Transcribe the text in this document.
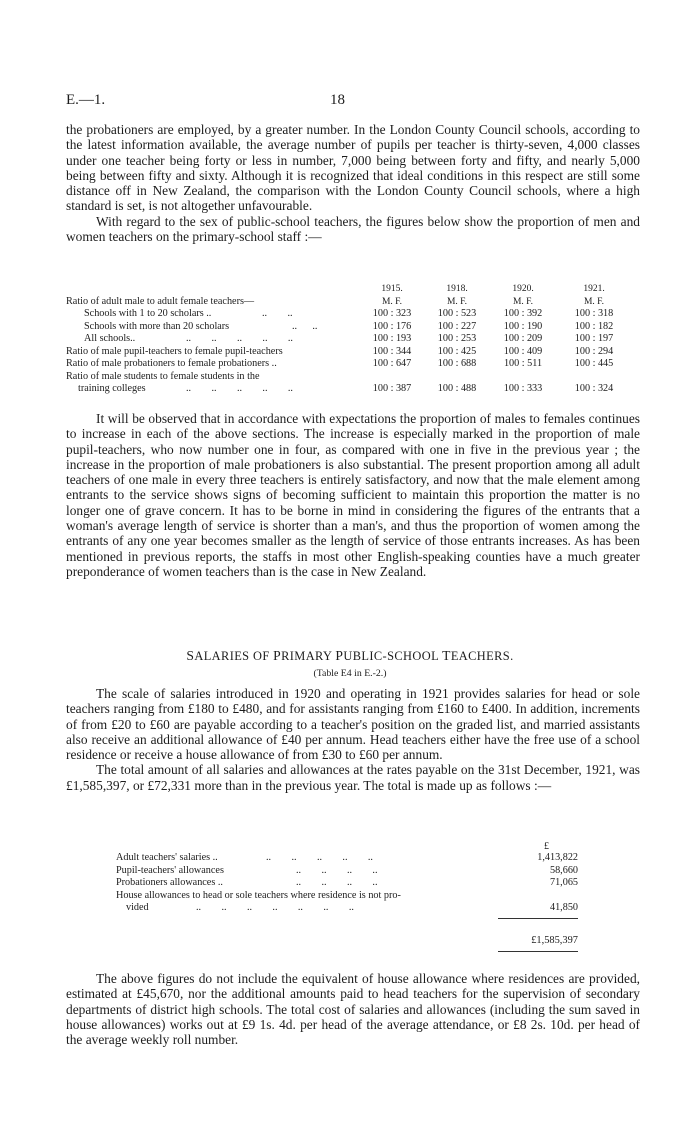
E.—1.	18

the probationers are employed, by a greater number. In the London County Council schools, according to the latest information available, the average number of pupils per teacher is thirty-seven, 4,000 classes under one teacher being forty or less in number, 7,000 being between forty and fifty, and nearly 5,000 being between fifty and sixty. Although it is recognized that ideal conditions in this respect are still some distance off in New Zealand, the comparison with the London County Council schools, where a high standard is set, is not altogether unfavourable.

With regard to the sex of public-school teachers, the figures below show the proportion of men and women teachers on the primary-school staff :—

1915.	1918.	1920.	1921.
Ratio of adult male to adult female teachers—	M. F.	M. F.	M. F.	M. F.
Schools with 1 to 20 scholars ..	..        ..	100 : 323	100 : 523	100 : 392	100 : 318
Schools with more than 20 scholars	..      ..	100 : 176	100 : 227	100 : 190	100 : 182
All schools..	..        ..        ..        ..        ..	100 : 193	100 : 253	100 : 209	100 : 197
Ratio of male pupil-teachers to female pupil-teachers	100 : 344	100 : 425	100 : 409	100 : 294
Ratio of male probationers to female probationers ..	100 : 647	100 : 688	100 : 511	100 : 445
Ratio of male students to female students in the
training colleges	..        ..        ..        ..        ..	100 : 387	100 : 488	100 : 333	100 : 324

It will be observed that in accordance with expectations the proportion of males to females continues to increase in each of the above sections. The increase is especially marked in the proportion of male pupil-teachers, who now number one in four, as compared with one in five in the previous year ; the increase in the proportion of male probationers is also substantial. The present proportion among all adult teachers of one male in every three teachers is entirely satisfactory, and now that the male element among entrants to the service shows signs of becoming sufficient to maintain this proportion the matter is no longer one of grave concern. It has to be borne in mind in considering the figures of the entrants that a woman's average length of service is shorter than a man's, and thus the proportion of women among the entrants of any one year becomes smaller as the length of service of those entrants increases. As has been mentioned in previous reports, the staffs in most other English-speaking counties have a much greater preponderance of women teachers than is the case in New Zealand.

SALARIES OF PRIMARY PUBLIC-SCHOOL TEACHERS.
(Table E4 in E.-2.)

The scale of salaries introduced in 1920 and operating in 1921 provides salaries for head or sole teachers ranging from £180 to £480, and for assistants ranging from £160 to £400. In addition, increments of from £20 to £60 are payable according to a teacher's position on the graded list, and married assistants also receive an additional allowance of £40 per annum. Head teachers either have the free use of a school residence or receive a house allowance of from £30 to £60 per annum.

The total amount of all salaries and allowances at the rates payable on the 31st December, 1921, was £1,585,397, or £72,331 more than in the previous year. The total is made up as follows :—

£
Adult teachers' salaries ..	..        ..        ..        ..        ..	1,413,822
Pupil-teachers' allowances	..        ..        ..        ..	58,660
Probationers allowances ..	..        ..        ..        ..	71,065
House allowances to head or sole teachers where residence is not pro-
vided	..        ..        ..        ..        ..        ..        ..	41,850
£1,585,397

The above figures do not include the equivalent of house allowance where residences are provided, estimated at £45,670, nor the additional amounts paid to head teachers for the supervision of secondary departments of district high schools. The total cost of salaries and allowances (including the sum saved in house allowances) works out at £9 1s. 4d. per head of the average attendance, or £8 2s. 10d. per head of the average weekly roll number.
